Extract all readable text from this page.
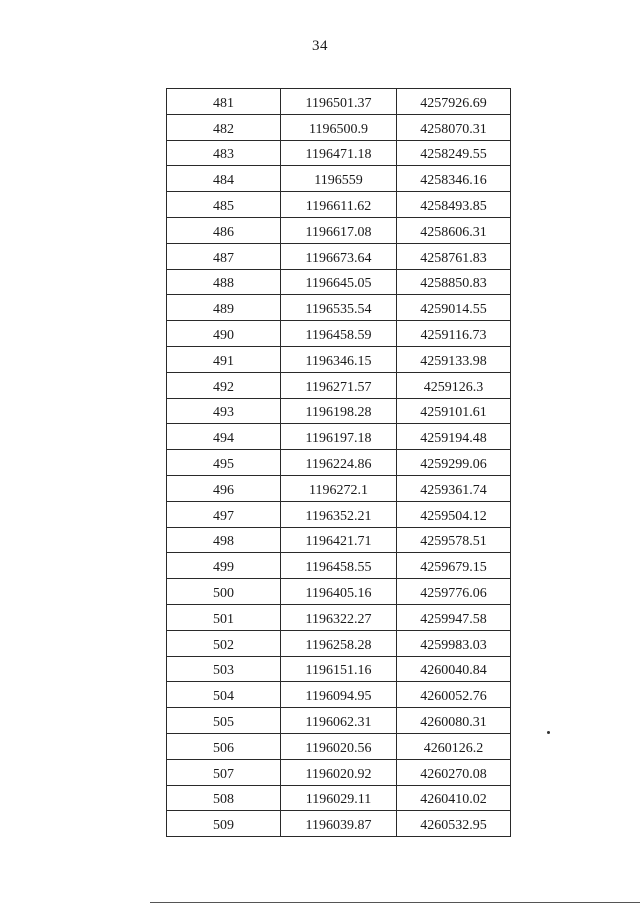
34
481	1196501.37	4257926.69
482	1196500.9	4258070.31
483	1196471.18	4258249.55
484	1196559	4258346.16
485	1196611.62	4258493.85
486	1196617.08	4258606.31
487	1196673.64	4258761.83
488	1196645.05	4258850.83
489	1196535.54	4259014.55
490	1196458.59	4259116.73
491	1196346.15	4259133.98
492	1196271.57	4259126.3
493	1196198.28	4259101.61
494	1196197.18	4259194.48
495	1196224.86	4259299.06
496	1196272.1	4259361.74
497	1196352.21	4259504.12
498	1196421.71	4259578.51
499	1196458.55	4259679.15
500	1196405.16	4259776.06
501	1196322.27	4259947.58
502	1196258.28	4259983.03
503	1196151.16	4260040.84
504	1196094.95	4260052.76
505	1196062.31	4260080.31
506	1196020.56	4260126.2
507	1196020.92	4260270.08
508	1196029.11	4260410.02
509	1196039.87	4260532.95
